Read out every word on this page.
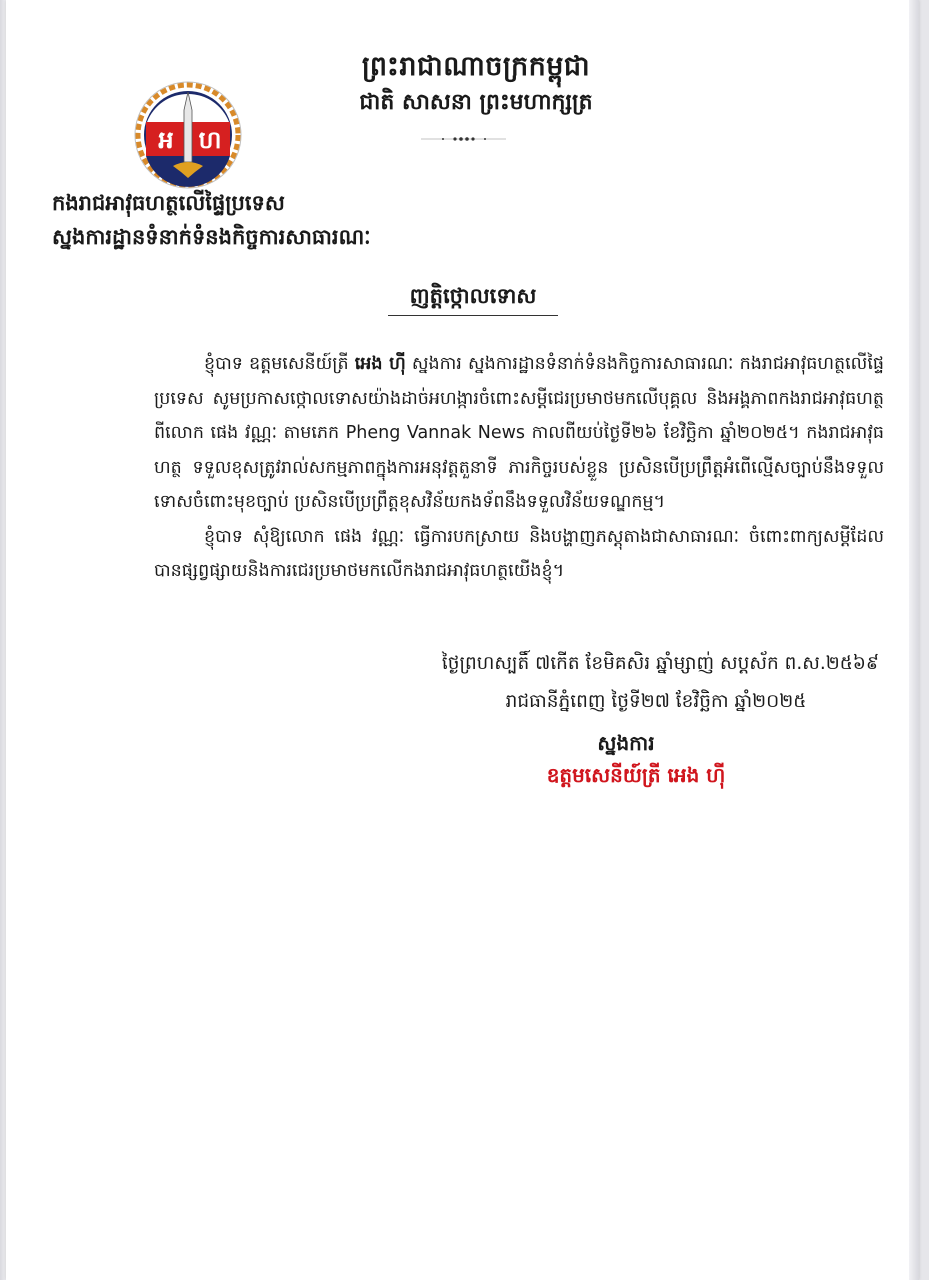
ព្រះរាជាណាចក្រកម្ពុជា
ជាតិ សាសនា ព្រះមហាក្សត្រ
អ ហ
កងរាជអាវុធហត្ថលើផ្ទៃប្រទេស
ស្នងការដ្ឋានទំនាក់ទំនងកិច្ចការសាធារណៈ
ញត្តិថ្កោលទោស

ខ្ញុំបាទ ឧត្តមសេនីយ៍ត្រី អេង ហ៊ី ស្នងការ ស្នងការដ្ឋានទំនាក់ទំនងកិច្ចការសាធារណៈ កងរាជអាវុធហត្ថលើផ្ទៃប្រទេស សូមប្រកាសថ្កោលទោសយ៉ាងដាច់អហង្ការចំពោះសម្ដីជេរប្រមាថមកលើបុគ្គល និងអង្គភាពកងរាជអាវុធហត្ថ ពីលោក ផេង វណ្ណៈ តាមភេក Pheng Vannak News កាលពីយប់ថ្ងៃទី២៦ ខែវិច្ឆិកា ឆ្នាំ២០២៥។ កងរាជអាវុធហត្ថ ទទួលខុសត្រូវរាល់សកម្មភាពក្នុងការអនុវត្តតួនាទី ភារកិច្ចរបស់ខ្លួន ប្រសិនបើប្រព្រឹត្តអំពើល្មើសច្បាប់នឹងទទួលទោសចំពោះមុខច្បាប់ ប្រសិនបើប្រព្រឹត្តខុសវិន័យកងទ័ពនឹងទទួលវិន័យទណ្ឌកម្ម។

ខ្ញុំបាទ សុំឱ្យលោក ផេង វណ្ណៈ ធ្វើការបកស្រាយ និងបង្ហាញភស្តុតាងជាសាធារណៈ ចំពោះពាក្យសម្ដីដែលបានផ្សព្វផ្សាយនិងការជេរប្រមាថមកលើកងរាជអាវុធហត្ថយើងខ្ញុំ។

ថ្ងៃព្រហស្បតិ៍ ៧កើត ខែមិគសិរ ឆ្នាំម្សាញ់ សប្តស័ក ព.ស.២៥៦៩
រាជធានីភ្នំពេញ ថ្ងៃទី២៧ ខែវិច្ឆិកា ឆ្នាំ២០២៥
ស្នងការ
ឧត្តមសេនីយ៍ត្រី អេង ហ៊ី
